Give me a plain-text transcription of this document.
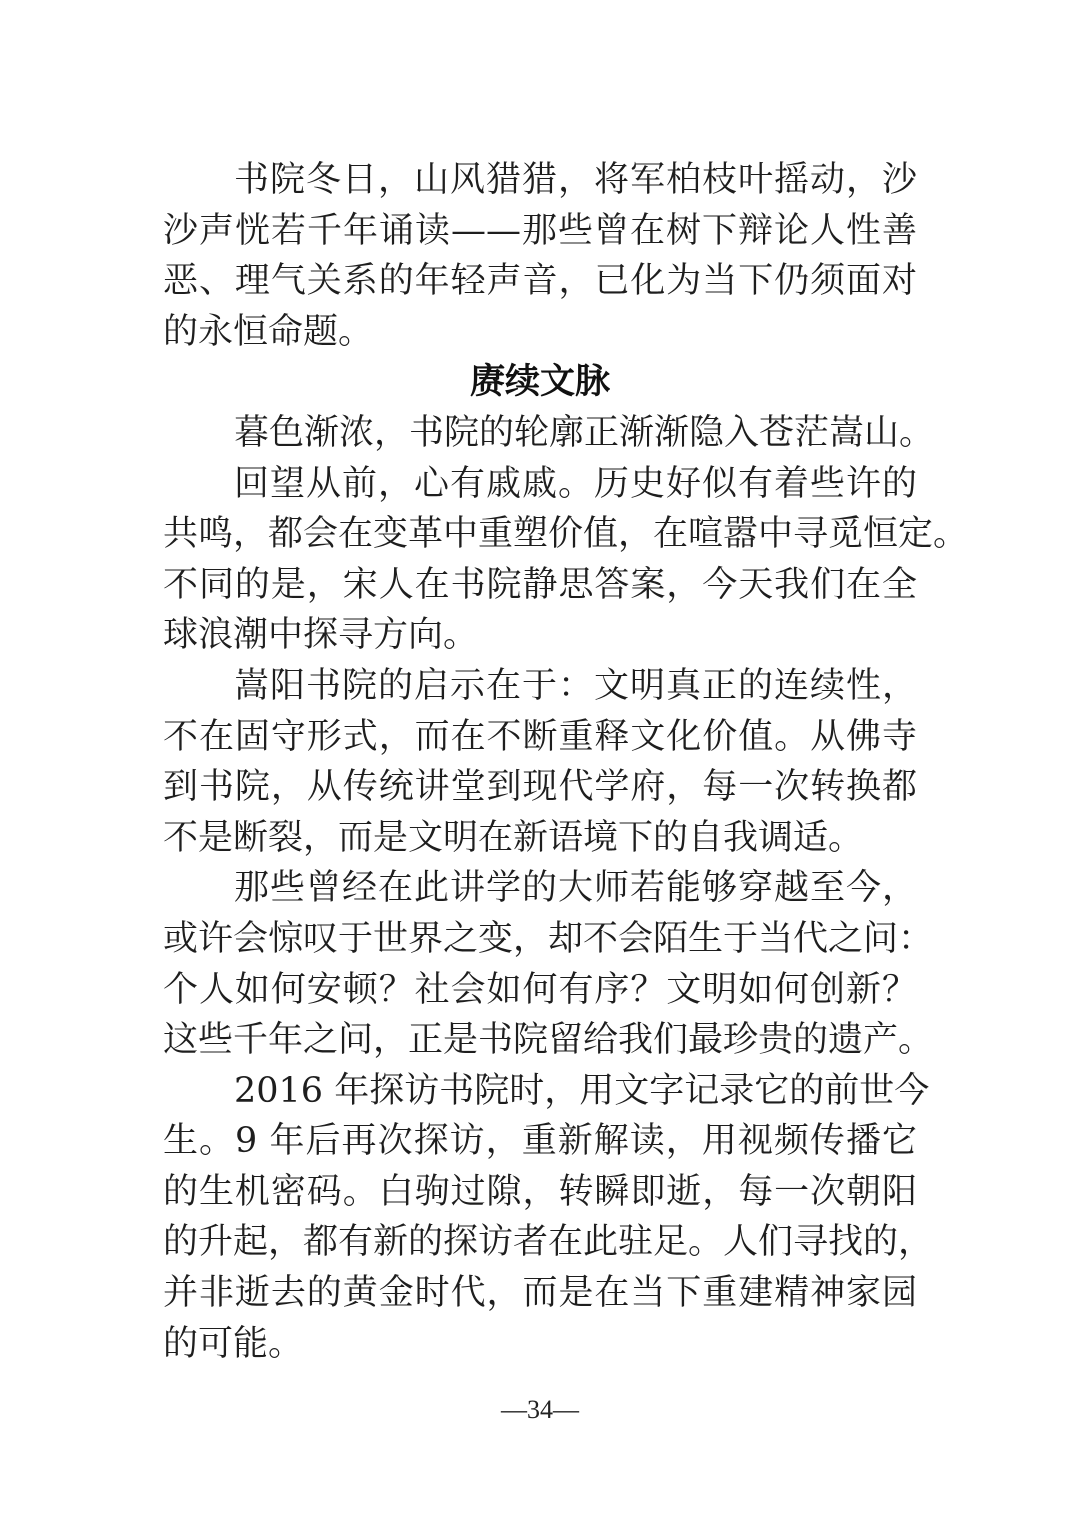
书院冬日，山风猎猎，将军柏枝叶摇动，沙
沙声恍若千年诵读——那些曾在树下辩论人性善
恶、理气关系的年轻声音，已化为当下仍须面对
的永恒命题。
赓续文脉
暮色渐浓，书院的轮廓正渐渐隐入苍茫嵩山。
回望从前，心有戚戚。历史好似有着些许的
共鸣，都会在变革中重塑价值，在喧嚣中寻觅恒定。
不同的是，宋人在书院静思答案，今天我们在全
球浪潮中探寻方向。
嵩阳书院的启示在于：文明真正的连续性，
不在固守形式，而在不断重释文化价值。从佛寺
到书院，从传统讲堂到现代学府，每一次转换都
不是断裂，而是文明在新语境下的自我调适。
那些曾经在此讲学的大师若能够穿越至今，
或许会惊叹于世界之变，却不会陌生于当代之问：
个人如何安顿？社会如何有序？文明如何创新？
这些千年之问，正是书院留给我们最珍贵的遗产。
2016 年探访书院时，用文字记录它的前世今
生。9 年后再次探访，重新解读，用视频传播它
的生机密码。白驹过隙，转瞬即逝，每一次朝阳
的升起，都有新的探访者在此驻足。人们寻找的，
并非逝去的黄金时代，而是在当下重建精神家园
的可能。
—34—
